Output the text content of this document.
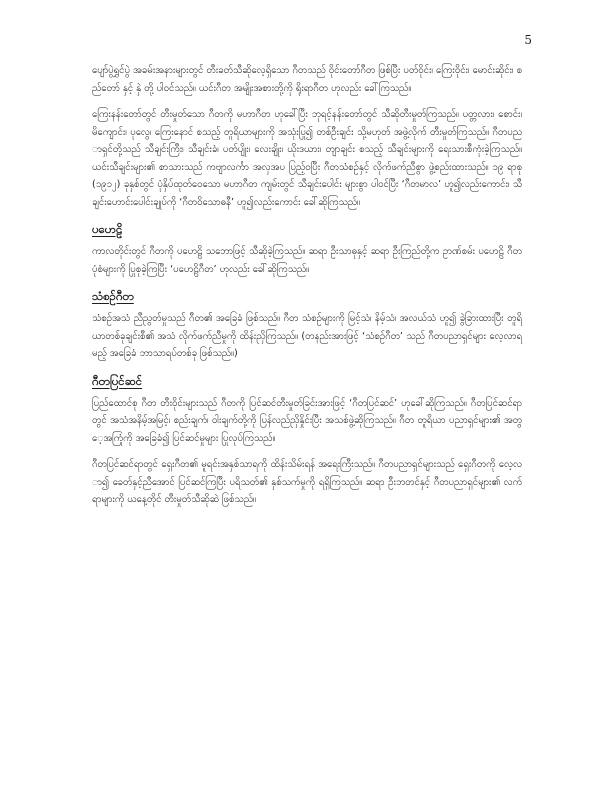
5

ပျော်ပွဲရွှင်ပွဲ အခမ်းအနားများတွင် တီးခတ်သီဆိုလေ့ရှိသော ဂီတသည် ဝိုင်းတော်ဂီတ ဖြစ်ပြီး ပတ်ဝိုင်း၊ ကြေးဝိုင်း၊ မောင်းဆိုင်း၊ စည်တော် နှင့် နှဲ တို့ ပါဝင်သည်။ ယင်းဂီတ အမျိုးအစားတို့ကို ရိုးရာဂီတ ဟုလည်း ခေါ်ကြသည်။

ကြေးနန်းတော်တွင် တီးမှုတ်သော ဂီတကို မဟာဂီတ ဟုခေါ်ပြီး ဘုရင့်နန်းတော်တွင် သီဆိုတီးမှုတ်ကြသည်။ ပတ္တလား၊ စောင်း၊ မိကျောင်း၊ ပုလွေ၊ ကြေးနောင် စသည့် တူရိယာများကို အသုံးပြု၍ တစ်ဦးချင်း သို့မဟုတ် အဖွဲ့လိုက် တီးမှုတ်ကြသည်။ ဂီတပညာရှင်တို့သည် သီချင်းကြီး၊ သီချင်းခံ၊ ပတ်ပျိုး၊ လေးချိုး၊ ယိုးဒယား၊ တျာချင်း စသည့် သီချင်းများကို ရေးသားစီကုံးခဲ့ကြသည်။ ယင်းသီချင်းများ၏ စာသားသည် ကဗျာလင်္ကာ အလှအပ ပြည့်ဝပြီး ဂီတသံစဉ်နှင့် လိုက်ဖက်ညီစွာ ဖွဲ့စည်းထားသည်။ ၁၉ ရာစု (၁၉၁၂) ခုနှစ်တွင် ပုံနှိပ်ထုတ်ဝေသော မဟာဂီတ ကျမ်းတွင် သီချင်းပေါင်း များစွာ ပါဝင်ပြီး ‘ဂီတမာလ’ ဟူ၍လည်းကောင်း၊ သီချင်းဟောင်းပေါင်းချုပ်ကို ‘ဂီတဝိသောဓနီ’ ဟူ၍လည်းကောင်း ခေါ်ဆိုကြသည်။

ပဟေဠိ

ကာလတိုင်းတွင် ဂီတကို ပဟေဠိ သဘောဖြင့် သီဆိုခဲ့ကြသည်။ ဆရာ ဦးသာဓုနှင့် ဆရာ ဦးကြည်တို့က ဥာဏ်စမ်း ပဟေဠိ ဂီတ ပုံစံများကို ပြုစုခဲ့ကြပြီး ‘ပဟေဠိဂီတ’ ဟုလည်း ခေါ်ဆိုကြသည်။

သံစဉ်ဂီတ

သံစဉ်အသံ ညီညွတ်မှုသည် ဂီတ၏ အခြေခံ ဖြစ်သည်။ ဂီတ သံစဉ်များကို မြင့်သံ၊ နိမ့်သံ၊ အလယ်သံ ဟူ၍ ခွဲခြားထားပြီး တူရိယာတစ်ခုချင်းစီ၏ အသံ လိုက်ဖက်ညီမှုကို ထိန်းညှိကြသည်။ (တနည်းအားဖြင့် ‘သံစဉ်ဂီတ’ သည် ဂီတပညာရှင်များ လေ့လာရမည့် အခြေခံ ဘာသာရပ်တစ်ခု ဖြစ်သည်။)

ဂီတပြင်ဆင်

ပြည်ထောင်စု ဂီတ တီးဝိုင်းများသည် ဂီတကို ပြင်ဆင်တီးမှုတ်ခြင်းအားဖြင့် ‘ဂီတပြင်ဆင်’ ဟုခေါ်ဆိုကြသည်။ ဂီတပြင်ဆင်ရာတွင် အသံအနိမ့်အမြင့်၊ စည်းချက်၊ ဝါးချက်တို့ကို ပြန်လည်ညှိနှိုင်းပြီး အသစ်ဖွဲ့ဆိုကြသည်။ ဂီတ တူရိယာ ပညာရှင်များ၏ အတွေ့အကြုံကို အခြေခံ၍ ပြင်ဆင်မှုများ ပြုလုပ်ကြသည်။

ဂီတပြင်ဆင်ရာတွင် ရှေးဂီတ၏ မူရင်းအနှစ်သာရကို ထိန်းသိမ်းရန် အရေးကြီးသည်။ ဂီတပညာရှင်များသည် ရှေးဂီတကို လေ့လာ၍ ခေတ်နှင့်ညီအောင် ပြင်ဆင်ကြပြီး ပရိသတ်၏ နှစ်သက်မှုကို ရရှိကြသည်။ ဆရာ ဦးဘတင်နှင့် ဂီတပညာရှင်များ၏ လက်ရာများကို ယနေ့တိုင် တီးမှုတ်သီဆိုဆဲ ဖြစ်သည်။
